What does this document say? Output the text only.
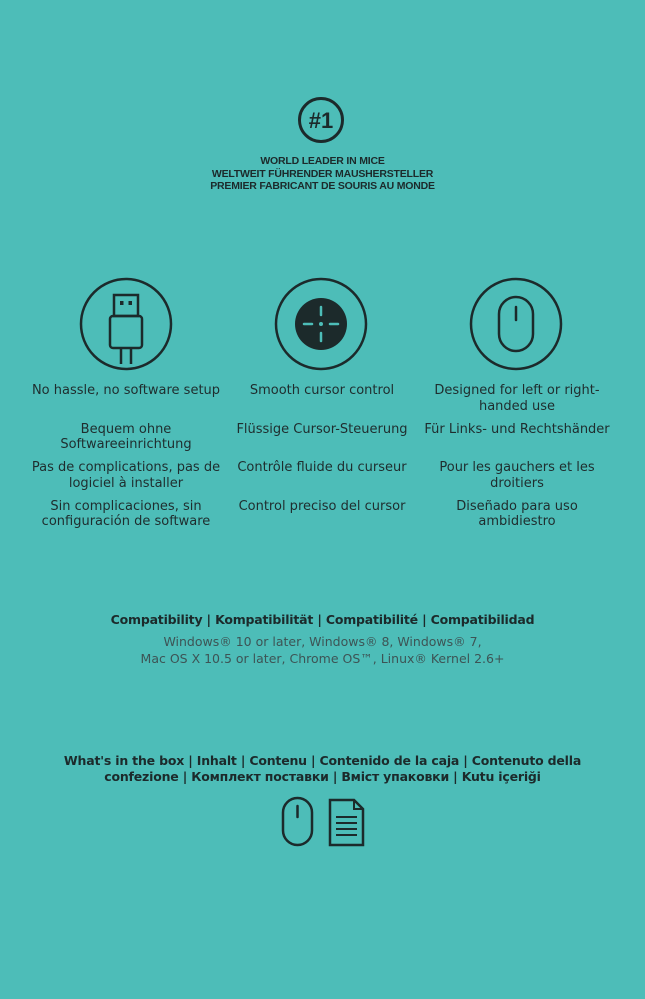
#1
WORLD LEADER IN MICE
WELTWEIT FÜHRENDER MAUSHERSTELLER
PREMIER FABRICANT DE SOURIS AU MONDE
No hassle, no software setup
Bequem ohne Softwareeinrichtung
Pas de complications, pas de logiciel à installer
Sin complicaciones, sin configuración de software
Smooth cursor control
Flüssige Cursor-Steuerung
Contrôle fluide du curseur
Control preciso del cursor
Designed for left or right-handed use
Für Links- und Rechtshänder
Pour les gauchers et les droitiers
Diseñado para uso ambidiestro
Compatibility | Kompatibilität | Compatibilité | Compatibilidad
Windows® 10 or later, Windows® 8, Windows® 7,
Mac OS X 10.5 or later, Chrome OS™, Linux® Kernel 2.6+
What's in the box | Inhalt | Contenu | Contenido de la caja | Contenuto della confezione | Комплект поставки | Вміст упаковки | Kutu içeriği
